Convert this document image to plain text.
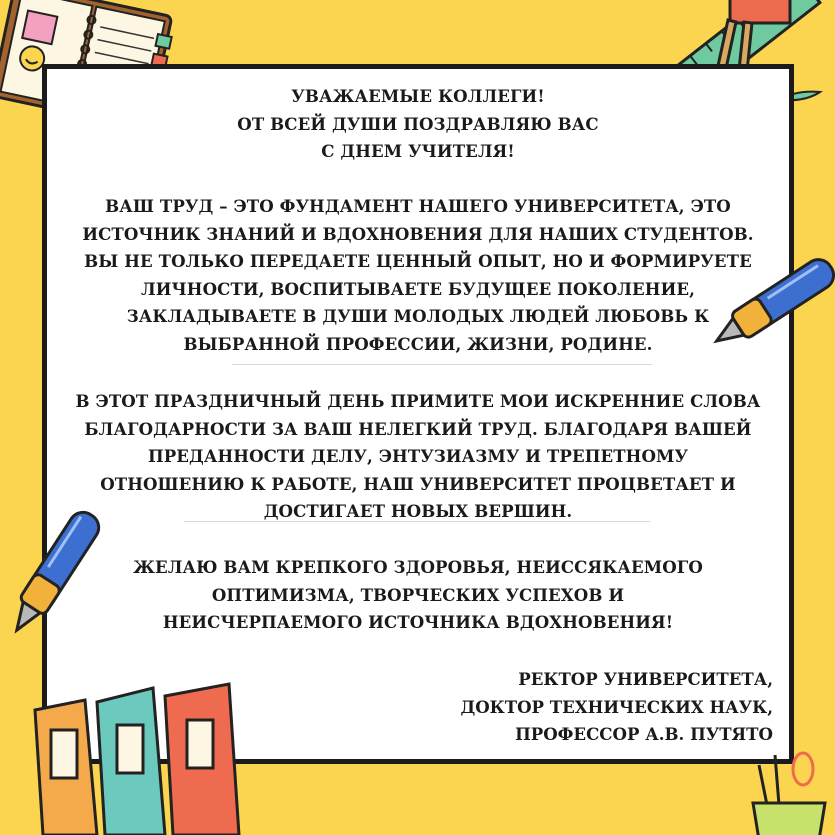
УВАЖАЕМЫЕ КОЛЛЕГИ!
ОТ ВСЕЙ ДУШИ ПОЗДРАВЛЯЮ ВАС
С ДНЕМ УЧИТЕЛЯ!
ВАШ ТРУД – ЭТО ФУНДАМЕНТ НАШЕГО УНИВЕРСИТЕТА, ЭТО
ИСТОЧНИК ЗНАНИЙ И ВДОХНОВЕНИЯ ДЛЯ НАШИХ СТУДЕНТОВ.
ВЫ НЕ ТОЛЬКО ПЕРЕДАЕТЕ ЦЕННЫЙ ОПЫТ, НО И ФОРМИРУЕТЕ
ЛИЧНОСТИ, ВОСПИТЫВАЕТЕ БУДУЩЕЕ ПОКОЛЕНИЕ,
ЗАКЛАДЫВАЕТЕ В ДУШИ МОЛОДЫХ ЛЮДЕЙ ЛЮБОВЬ К
ВЫБРАННОЙ ПРОФЕССИИ, ЖИЗНИ, РОДИНЕ.
В ЭТОТ ПРАЗДНИЧНЫЙ ДЕНЬ ПРИМИТЕ МОИ ИСКРЕННИЕ СЛОВА
БЛАГОДАРНОСТИ ЗА ВАШ НЕЛЕГКИЙ ТРУД. БЛАГОДАРЯ ВАШЕЙ
ПРЕДАННОСТИ ДЕЛУ, ЭНТУЗИАЗМУ И ТРЕПЕТНОМУ
ОТНОШЕНИЮ К РАБОТЕ, НАШ УНИВЕРСИТЕТ ПРОЦВЕТАЕТ И
ДОСТИГАЕТ НОВЫХ ВЕРШИН.
ЖЕЛАЮ ВАМ КРЕПКОГО ЗДОРОВЬЯ, НЕИССЯКАЕМОГО
ОПТИМИЗМА, ТВОРЧЕСКИХ УСПЕХОВ И
НЕИСЧЕРПАЕМОГО ИСТОЧНИКА ВДОХНОВЕНИЯ!
РЕКТОР УНИВЕРСИТЕТА,
ДОКТОР ТЕХНИЧЕСКИХ НАУК,
ПРОФЕССОР А.В. ПУТЯТО
